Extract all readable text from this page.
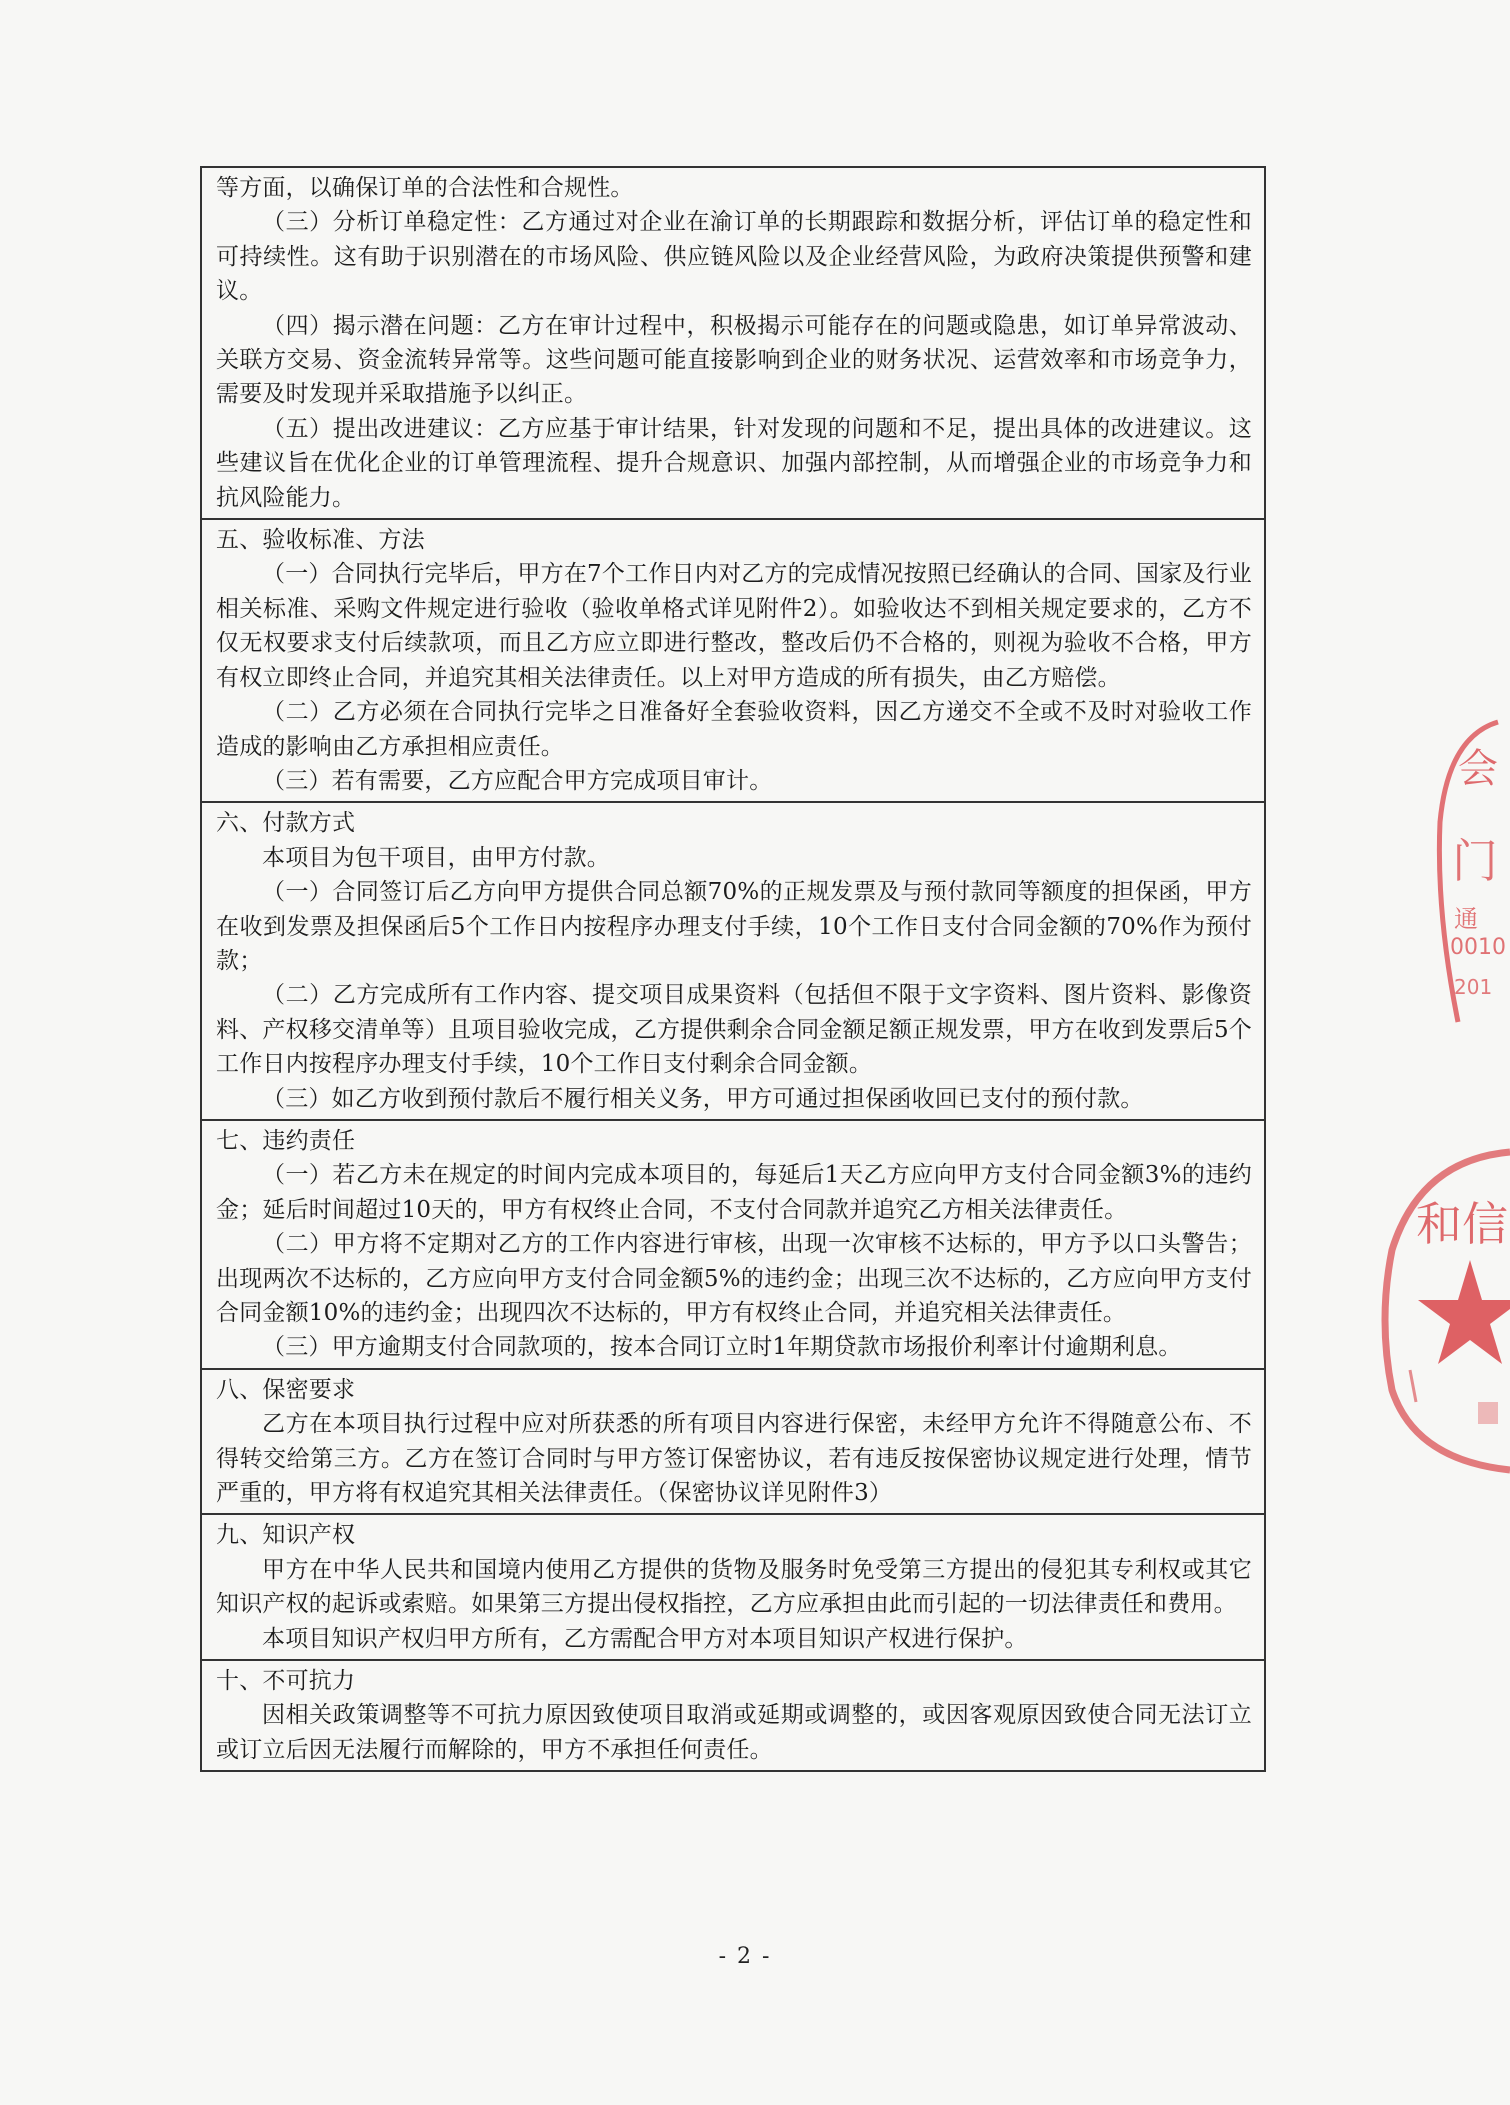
等方面，以确保订单的合法性和合规性。

（三）分析订单稳定性：乙方通过对企业在渝订单的长期跟踪和数据分析，评估订单的稳定性和可持续性。这有助于识别潜在的市场风险、供应链风险以及企业经营风险，为政府决策提供预警和建议。

（四）揭示潜在问题：乙方在审计过程中，积极揭示可能存在的问题或隐患，如订单异常波动、关联方交易、资金流转异常等。这些问题可能直接影响到企业的财务状况、运营效率和市场竞争力，需要及时发现并采取措施予以纠正。

（五）提出改进建议：乙方应基于审计结果，针对发现的问题和不足，提出具体的改进建议。这些建议旨在优化企业的订单管理流程、提升合规意识、加强内部控制，从而增强企业的市场竞争力和抗风险能力。

五、验收标准、方法

（一）合同执行完毕后，甲方在7个工作日内对乙方的完成情况按照已经确认的合同、国家及行业相关标准、采购文件规定进行验收（验收单格式详见附件2）。如验收达不到相关规定要求的，乙方不仅无权要求支付后续款项，而且乙方应立即进行整改，整改后仍不合格的，则视为验收不合格，甲方有权立即终止合同，并追究其相关法律责任。以上对甲方造成的所有损失，由乙方赔偿。

（二）乙方必须在合同执行完毕之日准备好全套验收资料，因乙方递交不全或不及时对验收工作造成的影响由乙方承担相应责任。

（三）若有需要，乙方应配合甲方完成项目审计。

六、付款方式

本项目为包干项目，由甲方付款。

（一）合同签订后乙方向甲方提供合同总额70%的正规发票及与预付款同等额度的担保函，甲方在收到发票及担保函后5个工作日内按程序办理支付手续，10个工作日支付合同金额的70%作为预付款；

（二）乙方完成所有工作内容、提交项目成果资料（包括但不限于文字资料、图片资料、影像资料、产权移交清单等）且项目验收完成，乙方提供剩余合同金额足额正规发票，甲方在收到发票后5个工作日内按程序办理支付手续，10个工作日支付剩余合同金额。

（三）如乙方收到预付款后不履行相关义务，甲方可通过担保函收回已支付的预付款。

七、违约责任

（一）若乙方未在规定的时间内完成本项目的，每延后1天乙方应向甲方支付合同金额3%的违约金；延后时间超过10天的，甲方有权终止合同，不支付合同款并追究乙方相关法律责任。

（二）甲方将不定期对乙方的工作内容进行审核，出现一次审核不达标的，甲方予以口头警告；出现两次不达标的，乙方应向甲方支付合同金额5%的违约金；出现三次不达标的，乙方应向甲方支付合同金额10%的违约金；出现四次不达标的，甲方有权终止合同，并追究相关法律责任。

（三）甲方逾期支付合同款项的，按本合同订立时1年期贷款市场报价利率计付逾期利息。

八、保密要求

乙方在本项目执行过程中应对所获悉的所有项目内容进行保密，未经甲方允许不得随意公布、不得转交给第三方。乙方在签订合同时与甲方签订保密协议，若有违反按保密协议规定进行处理，情节严重的，甲方将有权追究其相关法律责任。（保密协议详见附件3）

九、知识产权

甲方在中华人民共和国境内使用乙方提供的货物及服务时免受第三方提出的侵犯其专利权或其它知识产权的起诉或索赔。如果第三方提出侵权指控，乙方应承担由此而引起的一切法律责任和费用。

本项目知识产权归甲方所有，乙方需配合甲方对本项目知识产权进行保护。

十、不可抗力

因相关政策调整等不可抗力原因致使项目取消或延期或调整的，或因客观原因致使合同无法订立或订立后因无法履行而解除的，甲方不承担任何责任。

- 2 -
会
门
通
0010
201
和信
